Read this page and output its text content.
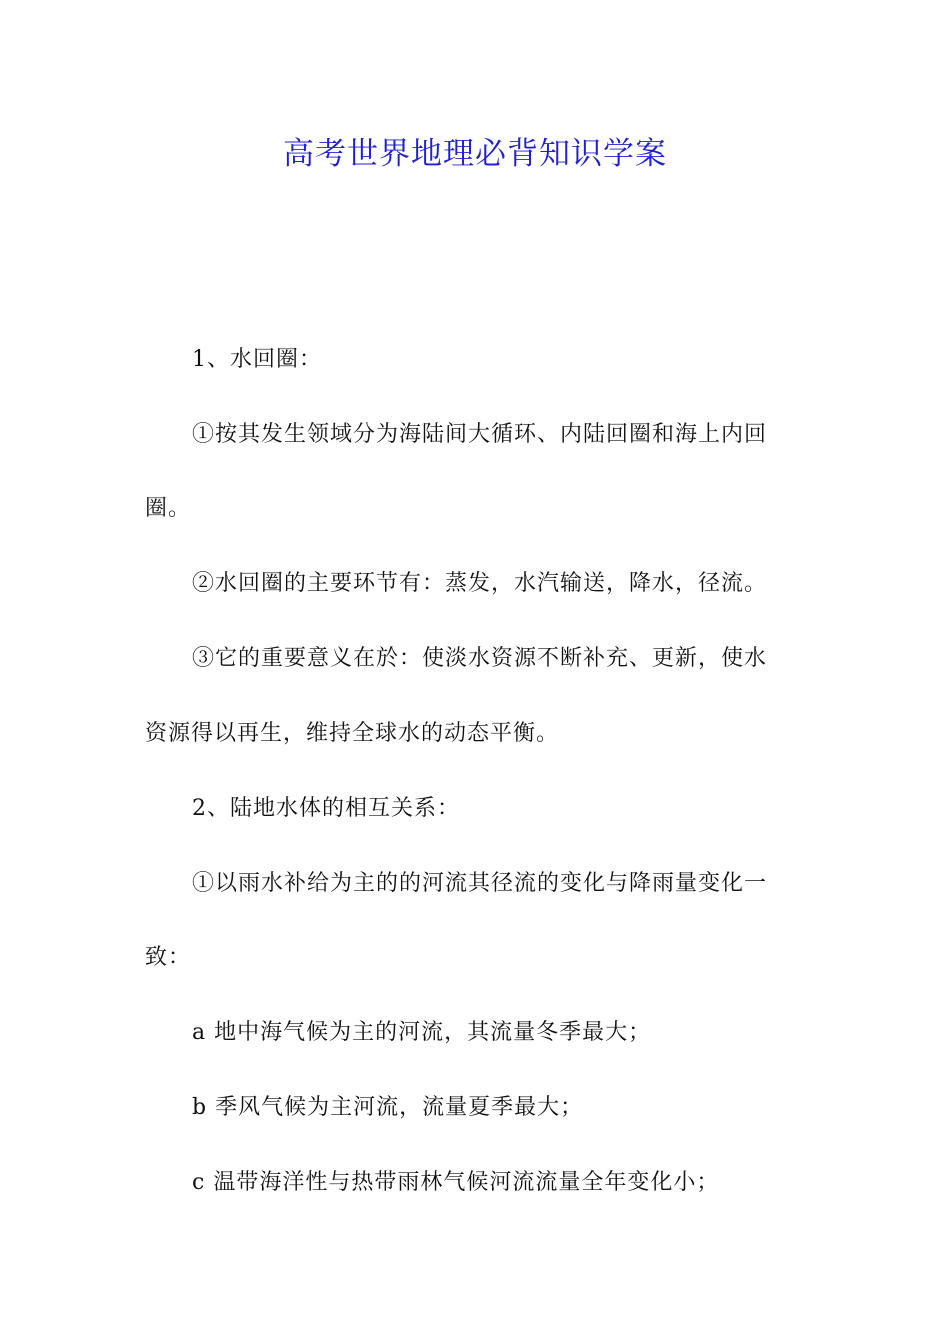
高考世界地理必背知识学案
1、水回圈：
①按其发生领域分为海陆间大循环、内陆回圈和海上内回
圈。
②水回圈的主要环节有：蒸发，水汽输送，降水，径流。
③它的重要意义在於：使淡水资源不断补充、更新，使水
资源得以再生，维持全球水的动态平衡。
2、陆地水体的相互关系：
①以雨水补给为主的的河流其径流的变化与降雨量变化一
致：
a 地中海气候为主的河流，其流量冬季最大；
b 季风气候为主河流，流量夏季最大；
c 温带海洋性与热带雨林气候河流流量全年变化小；
